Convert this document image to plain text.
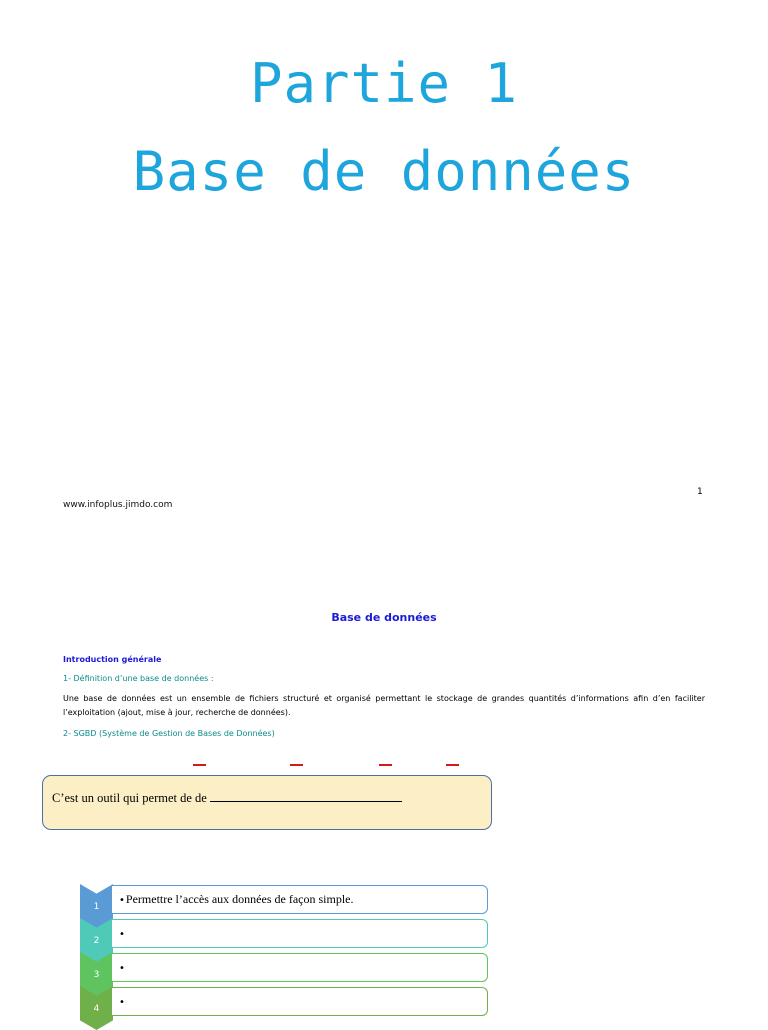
Partie 1
Base de données
1
www.infoplus.jimdo.com
Base de données
Introduction générale
1- Définition d’une base de données :
Une base de données est un ensemble de fichiers structuré et organisé permettant le stockage de grandes quantités d’informations afin d’en faciliter l’exploitation (ajout, mise à jour, recherche de données).
2- SGBD (Système de Gestion de Bases de Données)
C’est un outil qui permet de de
1
•Permettre l’accès aux données de façon simple.
2
•
3
•
4
•
